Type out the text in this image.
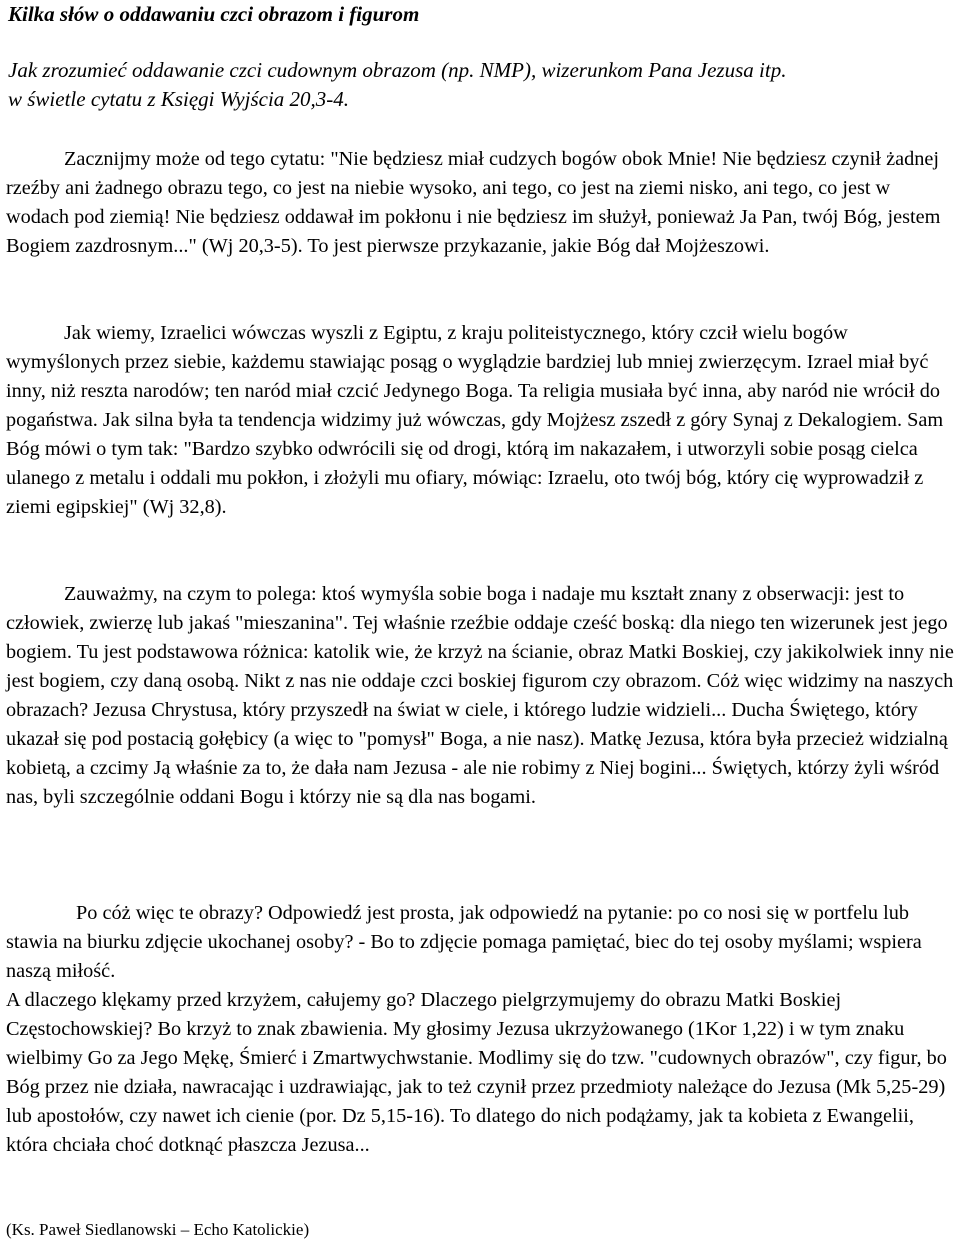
Kilka słów o oddawaniu czci obrazom i figurom

Jak zrozumieć oddawanie czci cudownym obrazom (np. NMP), wizerunkom Pana Jezusa itp.
w świetle cytatu z Księgi Wyjścia 20,3-4.

Zacznijmy może od tego cytatu: "Nie będziesz miał cudzych bogów obok Mnie! Nie będziesz czynił żadnej rzeźby ani żadnego obrazu tego, co jest na niebie wysoko, ani tego, co jest na ziemi nisko, ani tego, co jest w wodach pod ziemią! Nie będziesz oddawał im pokłonu i nie będziesz im służył, ponieważ Ja Pan, twój Bóg, jestem Bogiem zazdrosnym..." (Wj 20,3-5). To jest pierwsze przykazanie, jakie Bóg dał Mojżeszowi.

Jak wiemy, Izraelici wówczas wyszli z Egiptu, z kraju politeistycznego, który czcił wielu bogów wymyślonych przez siebie, każdemu stawiając posąg o wyglądzie bardziej lub mniej zwierzęcym. Izrael miał być inny, niż reszta narodów; ten naród miał czcić Jedynego Boga. Ta religia musiała być inna, aby naród nie wrócił do pogaństwa. Jak silna była ta tendencja widzimy już wówczas, gdy Mojżesz zszedł z góry Synaj z Dekalogiem. Sam Bóg mówi o tym tak: "Bardzo szybko odwrócili się od drogi, którą im nakazałem, i utworzyli sobie posąg cielca ulanego z metalu i oddali mu pokłon, i złożyli mu ofiary, mówiąc: Izraelu, oto twój bóg, który cię wyprowadził z ziemi egipskiej" (Wj 32,8).

Zauważmy, na czym to polega: ktoś wymyśla sobie boga i nadaje mu kształt znany z obserwacji: jest to człowiek, zwierzę lub jakaś "mieszanina". Tej właśnie rzeźbie oddaje cześć boską: dla niego ten wizerunek jest jego bogiem. Tu jest podstawowa różnica: katolik wie, że krzyż na ścianie, obraz Matki Boskiej, czy jakikolwiek inny nie jest bogiem, czy daną osobą. Nikt z nas nie oddaje czci boskiej figurom czy obrazom. Cóż więc widzimy na naszych obrazach? Jezusa Chrystusa, który przyszedł na świat w ciele, i którego ludzie widzieli... Ducha Świętego, który ukazał się pod postacią gołębicy (a więc to "pomysł" Boga, a nie nasz). Matkę Jezusa, która była przecież widzialną kobietą, a czcimy Ją właśnie za to, że dała nam Jezusa - ale nie robimy z Niej bogini... Świętych, którzy żyli wśród nas, byli szczególnie oddani Bogu i którzy nie są dla nas bogami.

Po cóż więc te obrazy? Odpowiedź jest prosta, jak odpowiedź na pytanie: po co nosi się w portfelu lub stawia na biurku zdjęcie ukochanej osoby? - Bo to zdjęcie pomaga pamiętać, biec do tej osoby myślami; wspiera naszą miłość.
A dlaczego klękamy przed krzyżem, całujemy go? Dlaczego pielgrzymujemy do obrazu Matki Boskiej Częstochowskiej? Bo krzyż to znak zbawienia. My głosimy Jezusa ukrzyżowanego (1Kor 1,22) i w tym znaku wielbimy Go za Jego Mękę, Śmierć i Zmartwychwstanie. Modlimy się do tzw. "cudownych obrazów", czy figur, bo Bóg przez nie działa, nawracając i uzdrawiając, jak to też czynił przez przedmioty należące do Jezusa (Mk 5,25-29) lub apostołów, czy nawet ich cienie (por. Dz 5,15-16). To dlatego do nich podążamy, jak ta kobieta z Ewangelii, która chciała choć dotknąć płaszcza Jezusa...

(Ks. Paweł Siedlanowski – Echo Katolickie)
